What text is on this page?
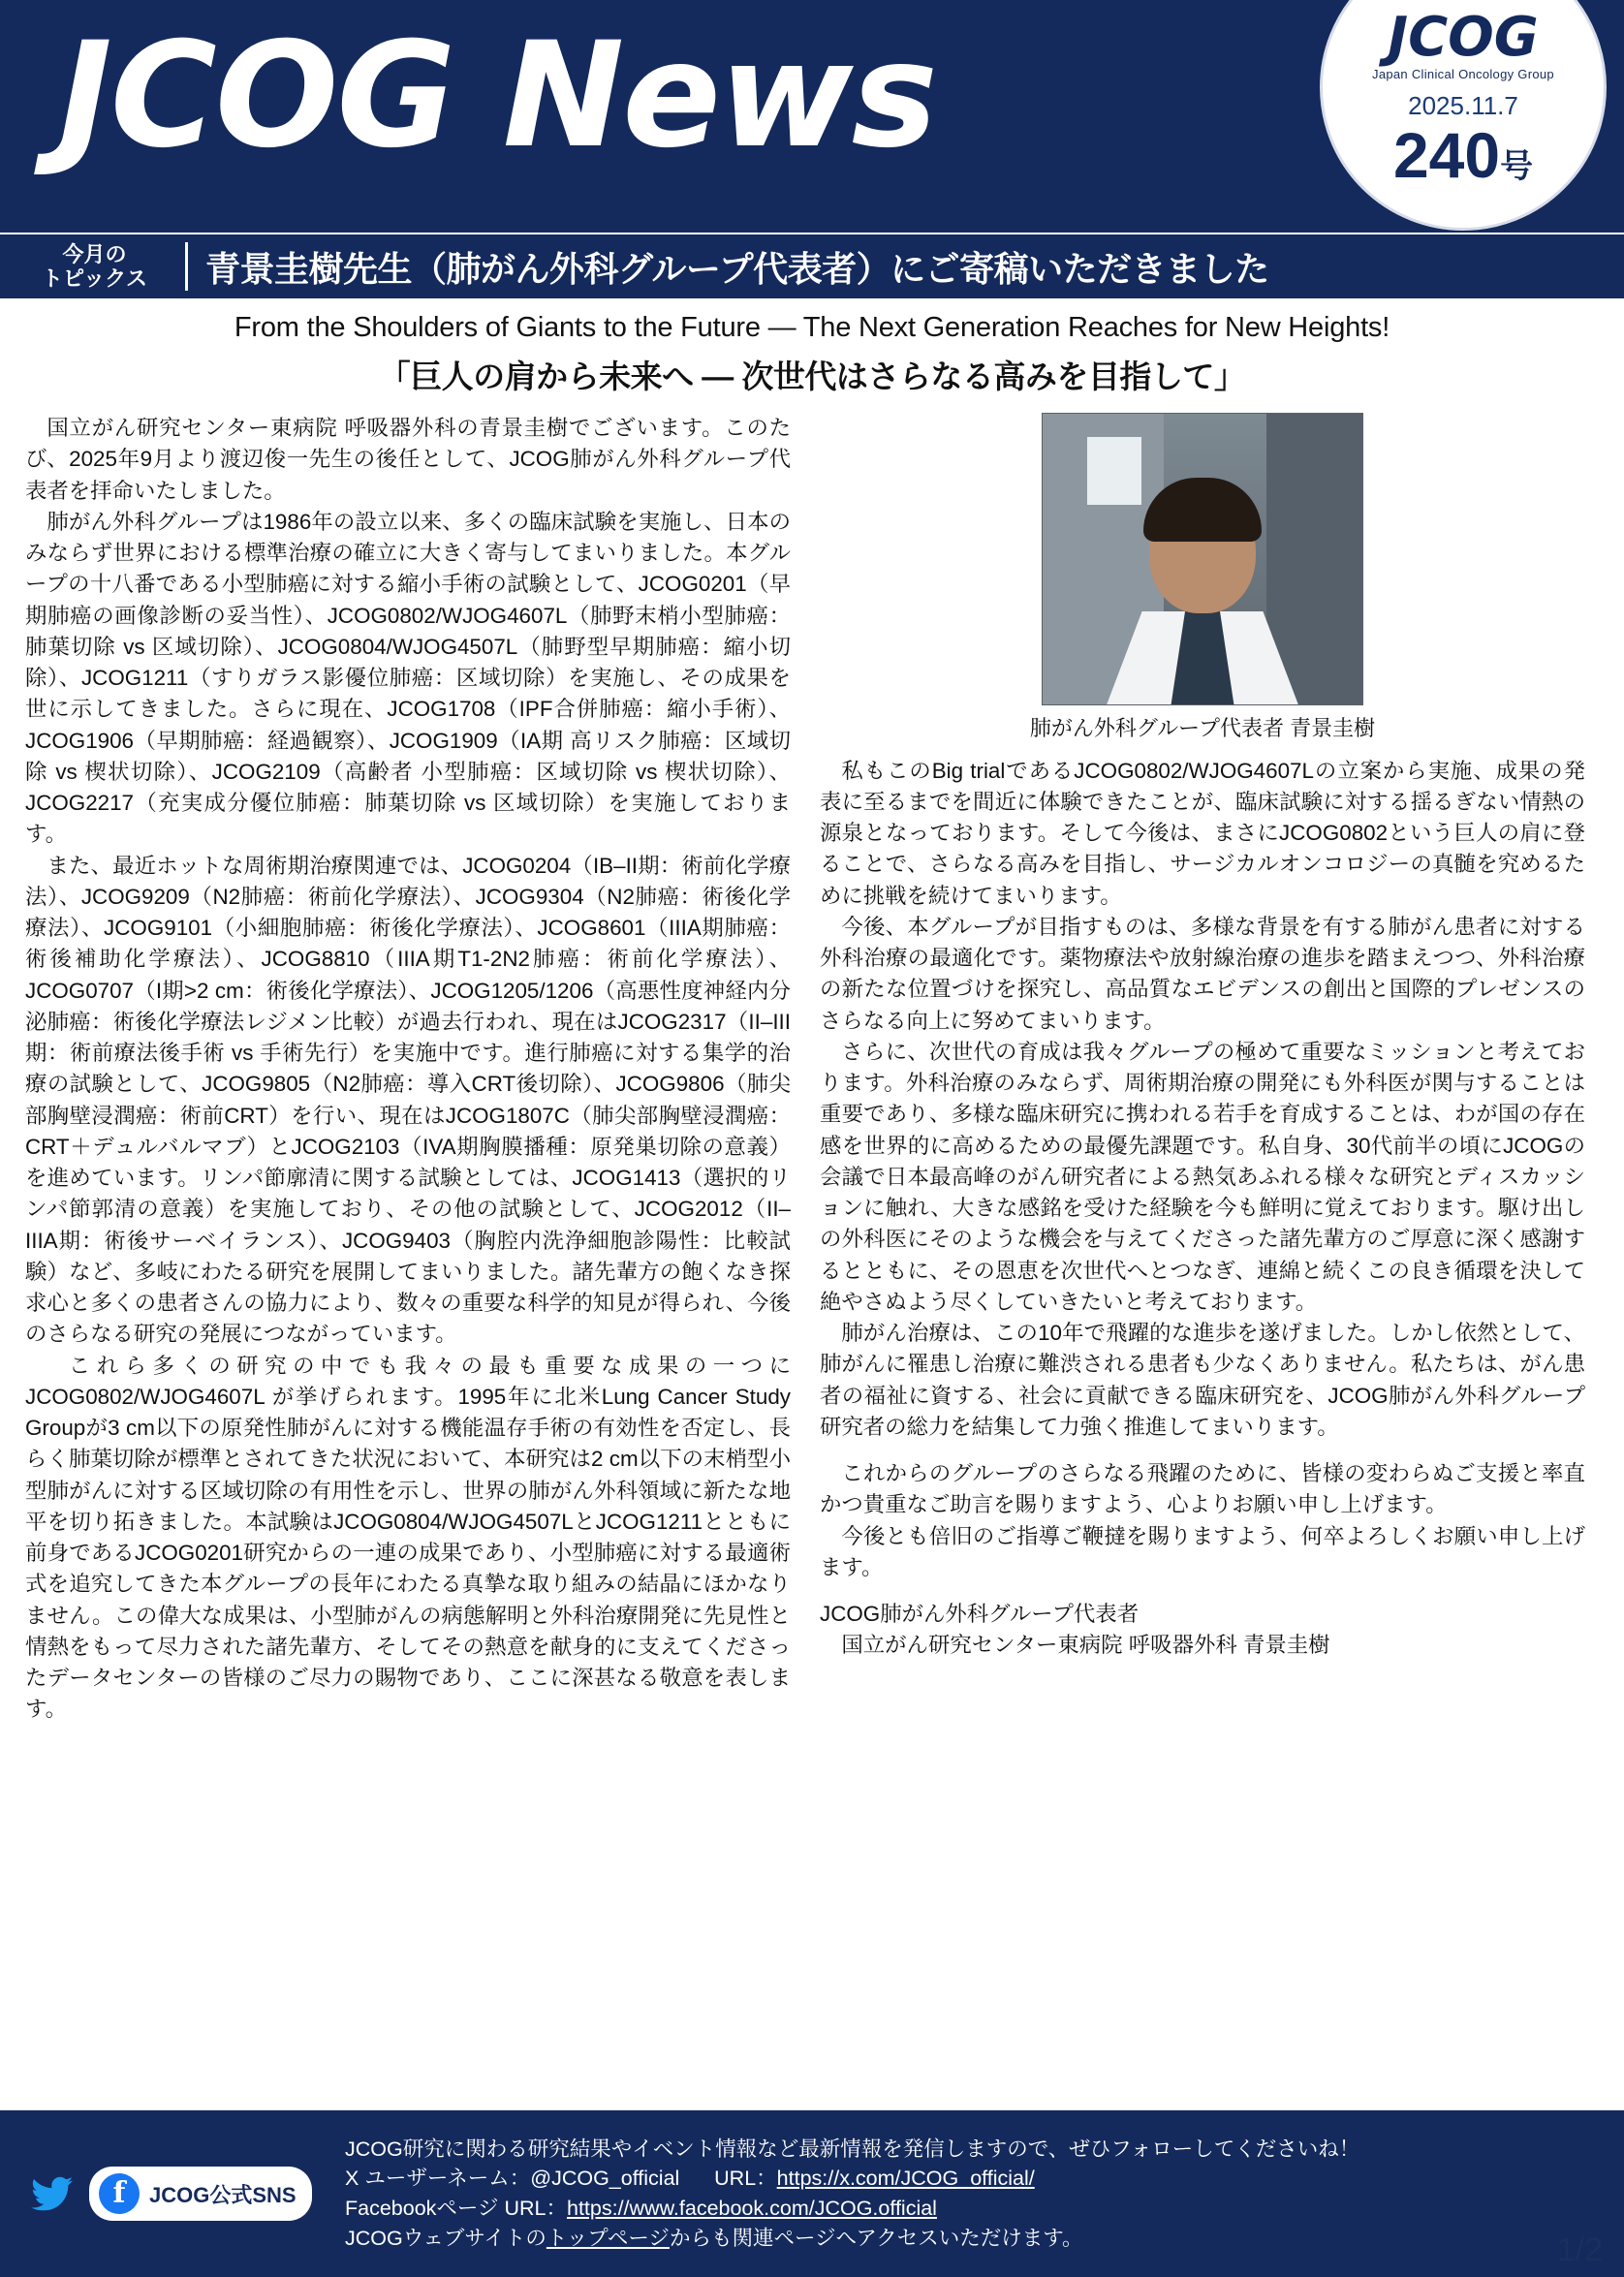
JCOG News	JCOG
Japan Clinical Oncology Group
2025.11.7
240号
今月の
トピックス	青景圭樹先生（肺がん外科グループ代表者）にご寄稿いただきました
From the Shoulders of Giants to the Future — The Next Generation Reaches for New Heights!
「巨人の肩から未来へ ― 次世代はさらなる高みを目指して」

国立がん研究センター東病院 呼吸器外科の青景圭樹でございます。このたび、2025年9月より渡辺俊一先生の後任として、JCOG肺がん外科グループ代表者を拝命いたしました。

肺がん外科グループは1986年の設立以来、多くの臨床試験を実施し、日本のみならず世界における標準治療の確立に大きく寄与してまいりました。本グループの十八番である小型肺癌に対する縮小手術の試験として、JCOG0201（早期肺癌の画像診断の妥当性）、JCOG0802/WJOG4607L（肺野末梢小型肺癌：肺葉切除 vs 区域切除）、JCOG0804/WJOG4507L（肺野型早期肺癌：縮小切除）、JCOG1211（すりガラス影優位肺癌：区域切除）を実施し、その成果を世に示してきました。さらに現在、JCOG1708（IPF合併肺癌：縮小手術）、JCOG1906（早期肺癌：経過観察）、JCOG1909（IA期 高リスク肺癌：区域切除 vs 楔状切除）、JCOG2109（高齢者 小型肺癌：区域切除 vs 楔状切除）、JCOG2217（充実成分優位肺癌：肺葉切除 vs 区域切除）を実施しております。

また、最近ホットな周術期治療関連では、JCOG0204（IB–II期：術前化学療法）、JCOG9209（N2肺癌：術前化学療法）、JCOG9304（N2肺癌：術後化学療法）、JCOG9101（小細胞肺癌：術後化学療法）、JCOG8601（IIIA期肺癌：術後補助化学療法）、JCOG8810（IIIA期T1-2N2肺癌：術前化学療法）、JCOG0707（I期>2 cm：術後化学療法）、JCOG1205/1206（高悪性度神経内分泌肺癌：術後化学療法レジメン比較）が過去行われ、現在はJCOG2317（II–III期：術前療法後手術 vs 手術先行）を実施中です。進行肺癌に対する集学的治療の試験として、JCOG9805（N2肺癌：導入CRT後切除）、JCOG9806（肺尖部胸壁浸潤癌：術前CRT）を行い、現在はJCOG1807C（肺尖部胸壁浸潤癌：CRT＋デュルバルマブ）とJCOG2103（IVA期胸膜播種：原発巣切除の意義）を進めています。リンパ節廓清に関する試験としては、JCOG1413（選択的リンパ節郭清の意義）を実施しており、その他の試験として、JCOG2012（II–IIIA期：術後サーベイランス）、JCOG9403（胸腔内洗浄細胞診陽性：比較試験）など、多岐にわたる研究を展開してまいりました。諸先輩方の飽くなき探求心と多くの患者さんの協力により、数々の重要な科学的知見が得られ、今後のさらなる研究の発展につながっています。

これら多くの研究の中でも我々の最も重要な成果の一つにJCOG0802/WJOG4607L が挙げられます。1995年に北米Lung Cancer Study Groupが3 cm以下の原発性肺がんに対する機能温存手術の有効性を否定し、長らく肺葉切除が標準とされてきた状況において、本研究は2 cm以下の末梢型小型肺がんに対する区域切除の有用性を示し、世界の肺がん外科領域に新たな地平を切り拓きました。本試験はJCOG0804/WJOG4507LとJCOG1211とともに前身であるJCOG0201研究からの一連の成果であり、小型肺癌に対する最適術式を追究してきた本グループの長年にわたる真摯な取り組みの結晶にほかなりません。この偉大な成果は、小型肺がんの病態解明と外科治療開発に先見性と情熱をもって尽力された諸先輩方、そしてその熱意を献身的に支えてくださったデータセンターの皆様のご尽力の賜物であり、ここに深甚なる敬意を表します。

肺がん外科グループ代表者 青景圭樹

私もこのBig trialであるJCOG0802/WJOG4607Lの立案から実施、成果の発表に至るまでを間近に体験できたことが、臨床試験に対する揺るぎない情熱の源泉となっております。そして今後は、まさにJCOG0802という巨人の肩に登ることで、さらなる高みを目指し、サージカルオンコロジーの真髄を究めるために挑戦を続けてまいります。

今後、本グループが目指すものは、多様な背景を有する肺がん患者に対する外科治療の最適化です。薬物療法や放射線治療の進歩を踏まえつつ、外科治療の新たな位置づけを探究し、高品質なエビデンスの創出と国際的プレゼンスのさらなる向上に努めてまいります。

さらに、次世代の育成は我々グループの極めて重要なミッションと考えております。外科治療のみならず、周術期治療の開発にも外科医が関与することは重要であり、多様な臨床研究に携われる若手を育成することは、わが国の存在感を世界的に高めるための最優先課題です。私自身、30代前半の頃にJCOGの会議で日本最高峰のがん研究者による熱気あふれる様々な研究とディスカッションに触れ、大きな感銘を受けた経験を今も鮮明に覚えております。駆け出しの外科医にそのような機会を与えてくださった諸先輩方のご厚意に深く感謝するとともに、その恩恵を次世代へとつなぎ、連綿と続くこの良き循環を決して絶やさぬよう尽くしていきたいと考えております。

肺がん治療は、この10年で飛躍的な進歩を遂げました。しかし依然として、肺がんに罹患し治療に難渋される患者も少なくありません。私たちは、がん患者の福祉に資する、社会に貢献できる臨床研究を、JCOG肺がん外科グループ研究者の総力を結集して力強く推進してまいります。

これからのグループのさらなる飛躍のために、皆様の変わらぬご支援と率直かつ貴重なご助言を賜りますよう、心よりお願い申し上げます。

今後とも倍旧のご指導ご鞭撻を賜りますよう、何卒よろしくお願い申し上げます。

JCOG肺がん外科グループ代表者

国立がん研究センター東病院 呼吸器外科 青景圭樹

f	JCOG公式SNS
JCOG研究に関わる研究結果やイベント情報など最新情報を発信しますので、ぜひフォローしてくださいね！
X ユーザーネーム：@JCOG_official URL：https://x.com/JCOG_official/
Facebookページ URL：https://www.facebook.com/JCOG.official
JCOGウェブサイトのトップページからも関連ページへアクセスいただけます。	1/2
